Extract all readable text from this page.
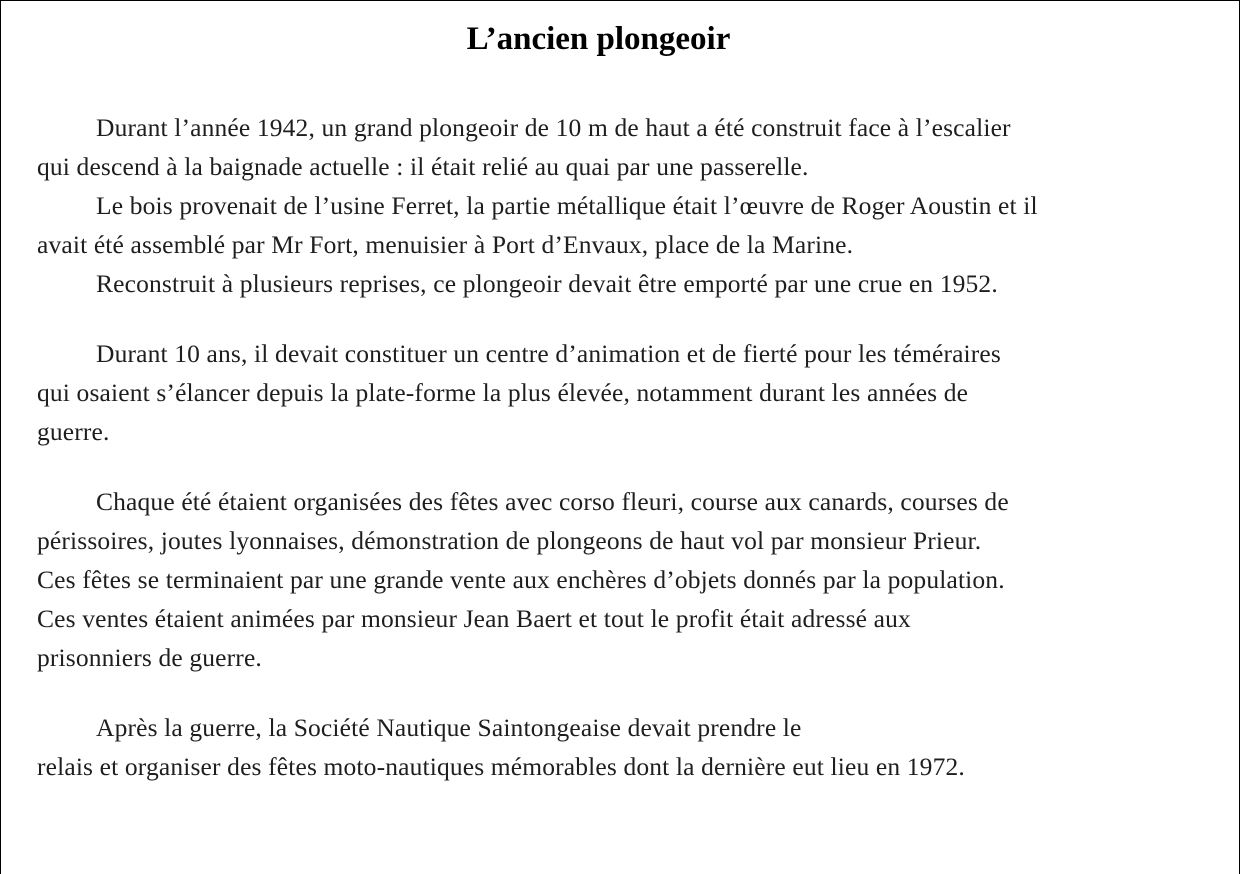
L’ancien plongeoir

Durant l’année 1942, un grand plongeoir de 10 m de haut a été construit face à l’escalier

qui descend à la baignade actuelle : il était relié au quai par une passerelle.

Le bois provenait de l’usine Ferret, la partie métallique était l’œuvre de Roger Aoustin et il

avait été assemblé par Mr Fort, menuisier à Port d’Envaux, place de la Marine.

Reconstruit à plusieurs reprises, ce plongeoir devait être emporté par une crue en 1952.

Durant 10 ans, il devait constituer un centre d’animation et de fierté pour les téméraires

qui osaient s’élancer depuis la plate-forme la plus élevée, notamment durant les années de

guerre.

Chaque été étaient organisées des fêtes avec corso fleuri, course aux canards, courses de

périssoires, joutes lyonnaises, démonstration de plongeons de haut vol par monsieur Prieur.

Ces fêtes se terminaient par une grande vente aux enchères d’objets donnés par la population.

Ces ventes étaient animées par monsieur Jean Baert et tout le profit était adressé aux

prisonniers de guerre.

Après la guerre, la Société Nautique Saintongeaise devait prendre le

relais et organiser des fêtes moto-nautiques mémorables dont la dernière eut lieu en 1972.
